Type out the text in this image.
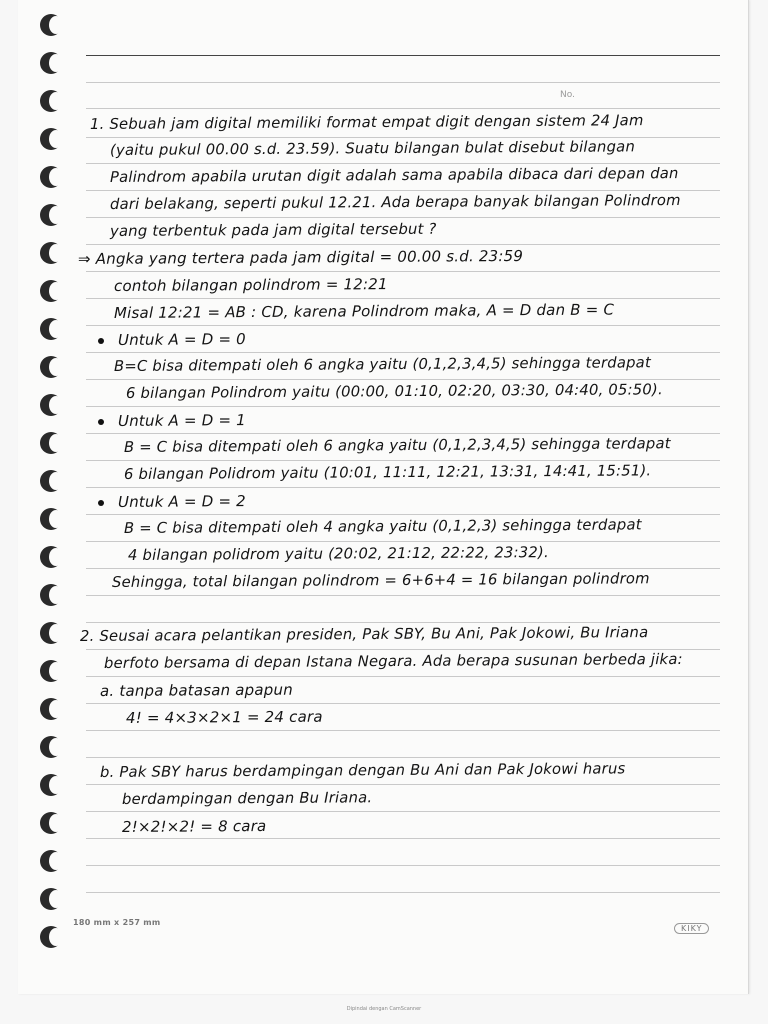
No.
1. Sebuah jam digital memiliki format empat digit dengan sistem 24 Jam
(yaitu pukul 00.00 s.d. 23.59). Suatu bilangan bulat disebut bilangan
Palindrom apabila urutan digit adalah sama apabila dibaca dari depan dan
dari belakang, seperti pukul 12.21. Ada berapa banyak bilangan Polindrom
yang terbentuk pada jam digital tersebut ?
⇒ Angka yang tertera pada jam digital = 00.00 s.d. 23:59
contoh bilangan polindrom = 12:21
Misal 12:21 = AB : CD, karena Polindrom maka, A = D dan B = C
Untuk A = D = 0
B=C bisa ditempati oleh 6 angka yaitu (0,1,2,3,4,5) sehingga terdapat
6 bilangan Polindrom yaitu (00:00, 01:10, 02:20, 03:30, 04:40, 05:50).
Untuk A = D = 1
B = C bisa ditempati oleh 6 angka yaitu (0,1,2,3,4,5) sehingga terdapat
6 bilangan Polidrom yaitu (10:01, 11:11, 12:21, 13:31, 14:41, 15:51).
Untuk A = D = 2
B = C bisa ditempati oleh 4 angka yaitu (0,1,2,3) sehingga terdapat
4 bilangan polidrom yaitu (20:02, 21:12, 22:22, 23:32).
Sehingga, total bilangan polindrom = 6+6+4 = 16 bilangan polindrom
2. Seusai acara pelantikan presiden, Pak SBY, Bu Ani, Pak Jokowi, Bu Iriana
berfoto bersama di depan Istana Negara. Ada berapa susunan berbeda jika:
a. tanpa batasan apapun
4! = 4×3×2×1 = 24 cara
b. Pak SBY harus berdampingan dengan Bu Ani dan Pak Jokowi harus
berdampingan dengan Bu Iriana.
2!×2!×2! = 8 cara
180 mm x 257 mm
KIKY
Dipindai dengan CamScanner
